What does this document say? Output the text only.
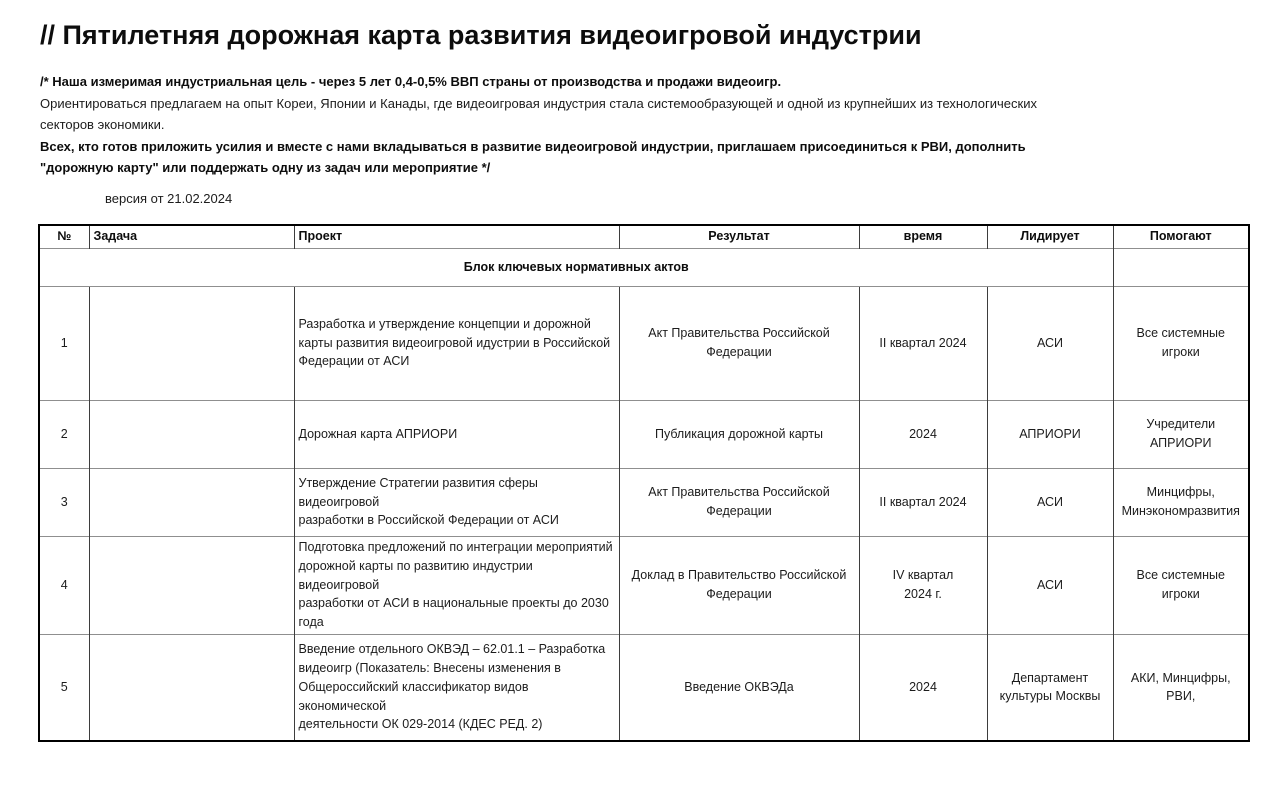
// Пятилетняя дорожная карта развития видеоигровой индустрии
/* Наша измеримая индустриальная цель - через 5 лет 0,4-0,5% ВВП страны от производства и продажи видеоигр.
Ориентироваться предлагаем на опыт Кореи, Японии и Канады, где видеоигровая индустрия стала системообразующей и одной из крупнейших из технологических
секторов экономики.
Всех, кто готов приложить усилия и вместе с нами вкладываться в развитие видеоигровой индустрии, приглашаем присоединиться к РВИ, дополнить
"дорожную карту" или поддержать одну из задач или мероприятие */
версия от 21.02.2024
№	Задача	Проект	Результат	время	Лидирует	Помогают
Блок ключевых нормативных актов						
1		Разработка и утверждение концепции и дорожной
карты развития видеоигровой идустрии в Российской
Федерации от АСИ	Акт Правительства Российской
Федерации	II квартал 2024	АСИ	Все системные
игроки
2		Дорожная карта АПРИОРИ	Публикация дорожной карты	2024	АПРИОРИ	Учредители
АПРИОРИ
3		Утверждение Стратегии развития сферы видеоигровой
разработки в Российской Федерации от АСИ	Акт Правительства Российской
Федерации	II квартал 2024	АСИ	Минцифры,
Минэкономразвития
4		Подготовка предложений по интеграции мероприятий
дорожной карты по развитию индустрии видеоигровой
разработки от АСИ в национальные проекты до 2030
года	Доклад в Правительство Российской
Федерации	IV квартал
2024 г.	АСИ	Все системные
игроки
5		Введение отдельного ОКВЭД – 62.01.1 – Разработка
видеоигр (Показатель: Внесены изменения в
Общероссийский классификатор видов экономической
деятельности ОК 029-2014 (КДЕС РЕД. 2)	Введение ОКВЭДа	2024	Департамент
культуры Москвы	АКИ, Минцифры,
РВИ,
